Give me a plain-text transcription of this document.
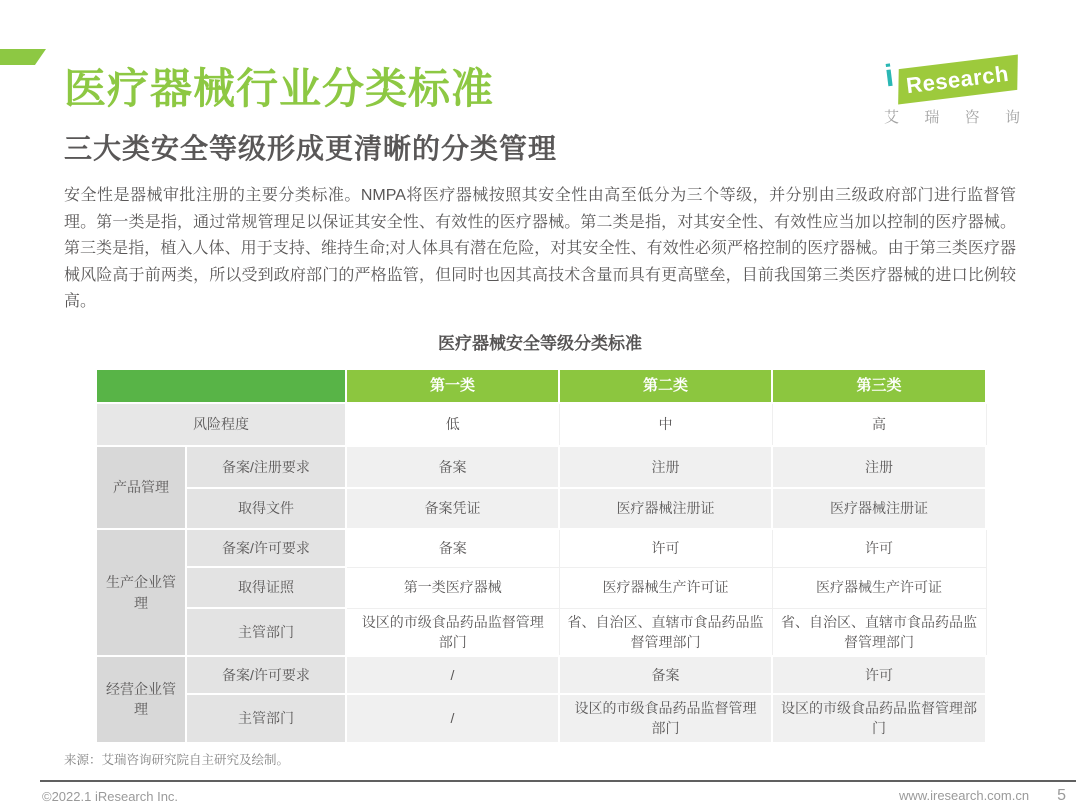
医疗器械行业分类标准	i Research
艾 瑞 咨 询
三大类安全等级形成更清晰的分类管理
安全性是器械审批注册的主要分类标准。NMPA将医疗器械按照其安全性由高至低分为三个等级，并分别由三级政府部门进行监督管理。第一类是指，通过常规管理足以保证其安全性、有效性的医疗器械。第二类是指，对其安全性、有效性应当加以控制的医疗器械。第三类是指，植入人体、用于支持、维持生命;对人体具有潜在危险，对其安全性、有效性必须严格控制的医疗器械。由于第三类医疗器械风险高于前两类，所以受到政府部门的严格监管，但同时也因其高技术含量而具有更高壁垒，目前我国第三类医疗器械的进口比例较高。
医疗器械安全等级分类标准
		第一类	第二类	第三类
风险程度		低	中	高
产品管理	备案/注册要求	备案	注册	注册
	取得文件	备案凭证	医疗器械注册证	医疗器械注册证
生产企业管理	备案/许可要求	备案	许可	许可
	取得证照	第一类医疗器械	医疗器械生产许可证	医疗器械生产许可证
	主管部门	设区的市级食品药品监督管理部门	省、自治区、直辖市食品药品监督管理部门	省、自治区、直辖市食品药品监督管理部门
经营企业管理	备案/许可要求	/	备案	许可
	主管部门	/	设区的市级食品药品监督管理部门	设区的市级食品药品监督管理部门
来源：艾瑞咨询研究院自主研究及绘制。
©2022.1 iResearch Inc.	www.iresearch.com.cn 5
